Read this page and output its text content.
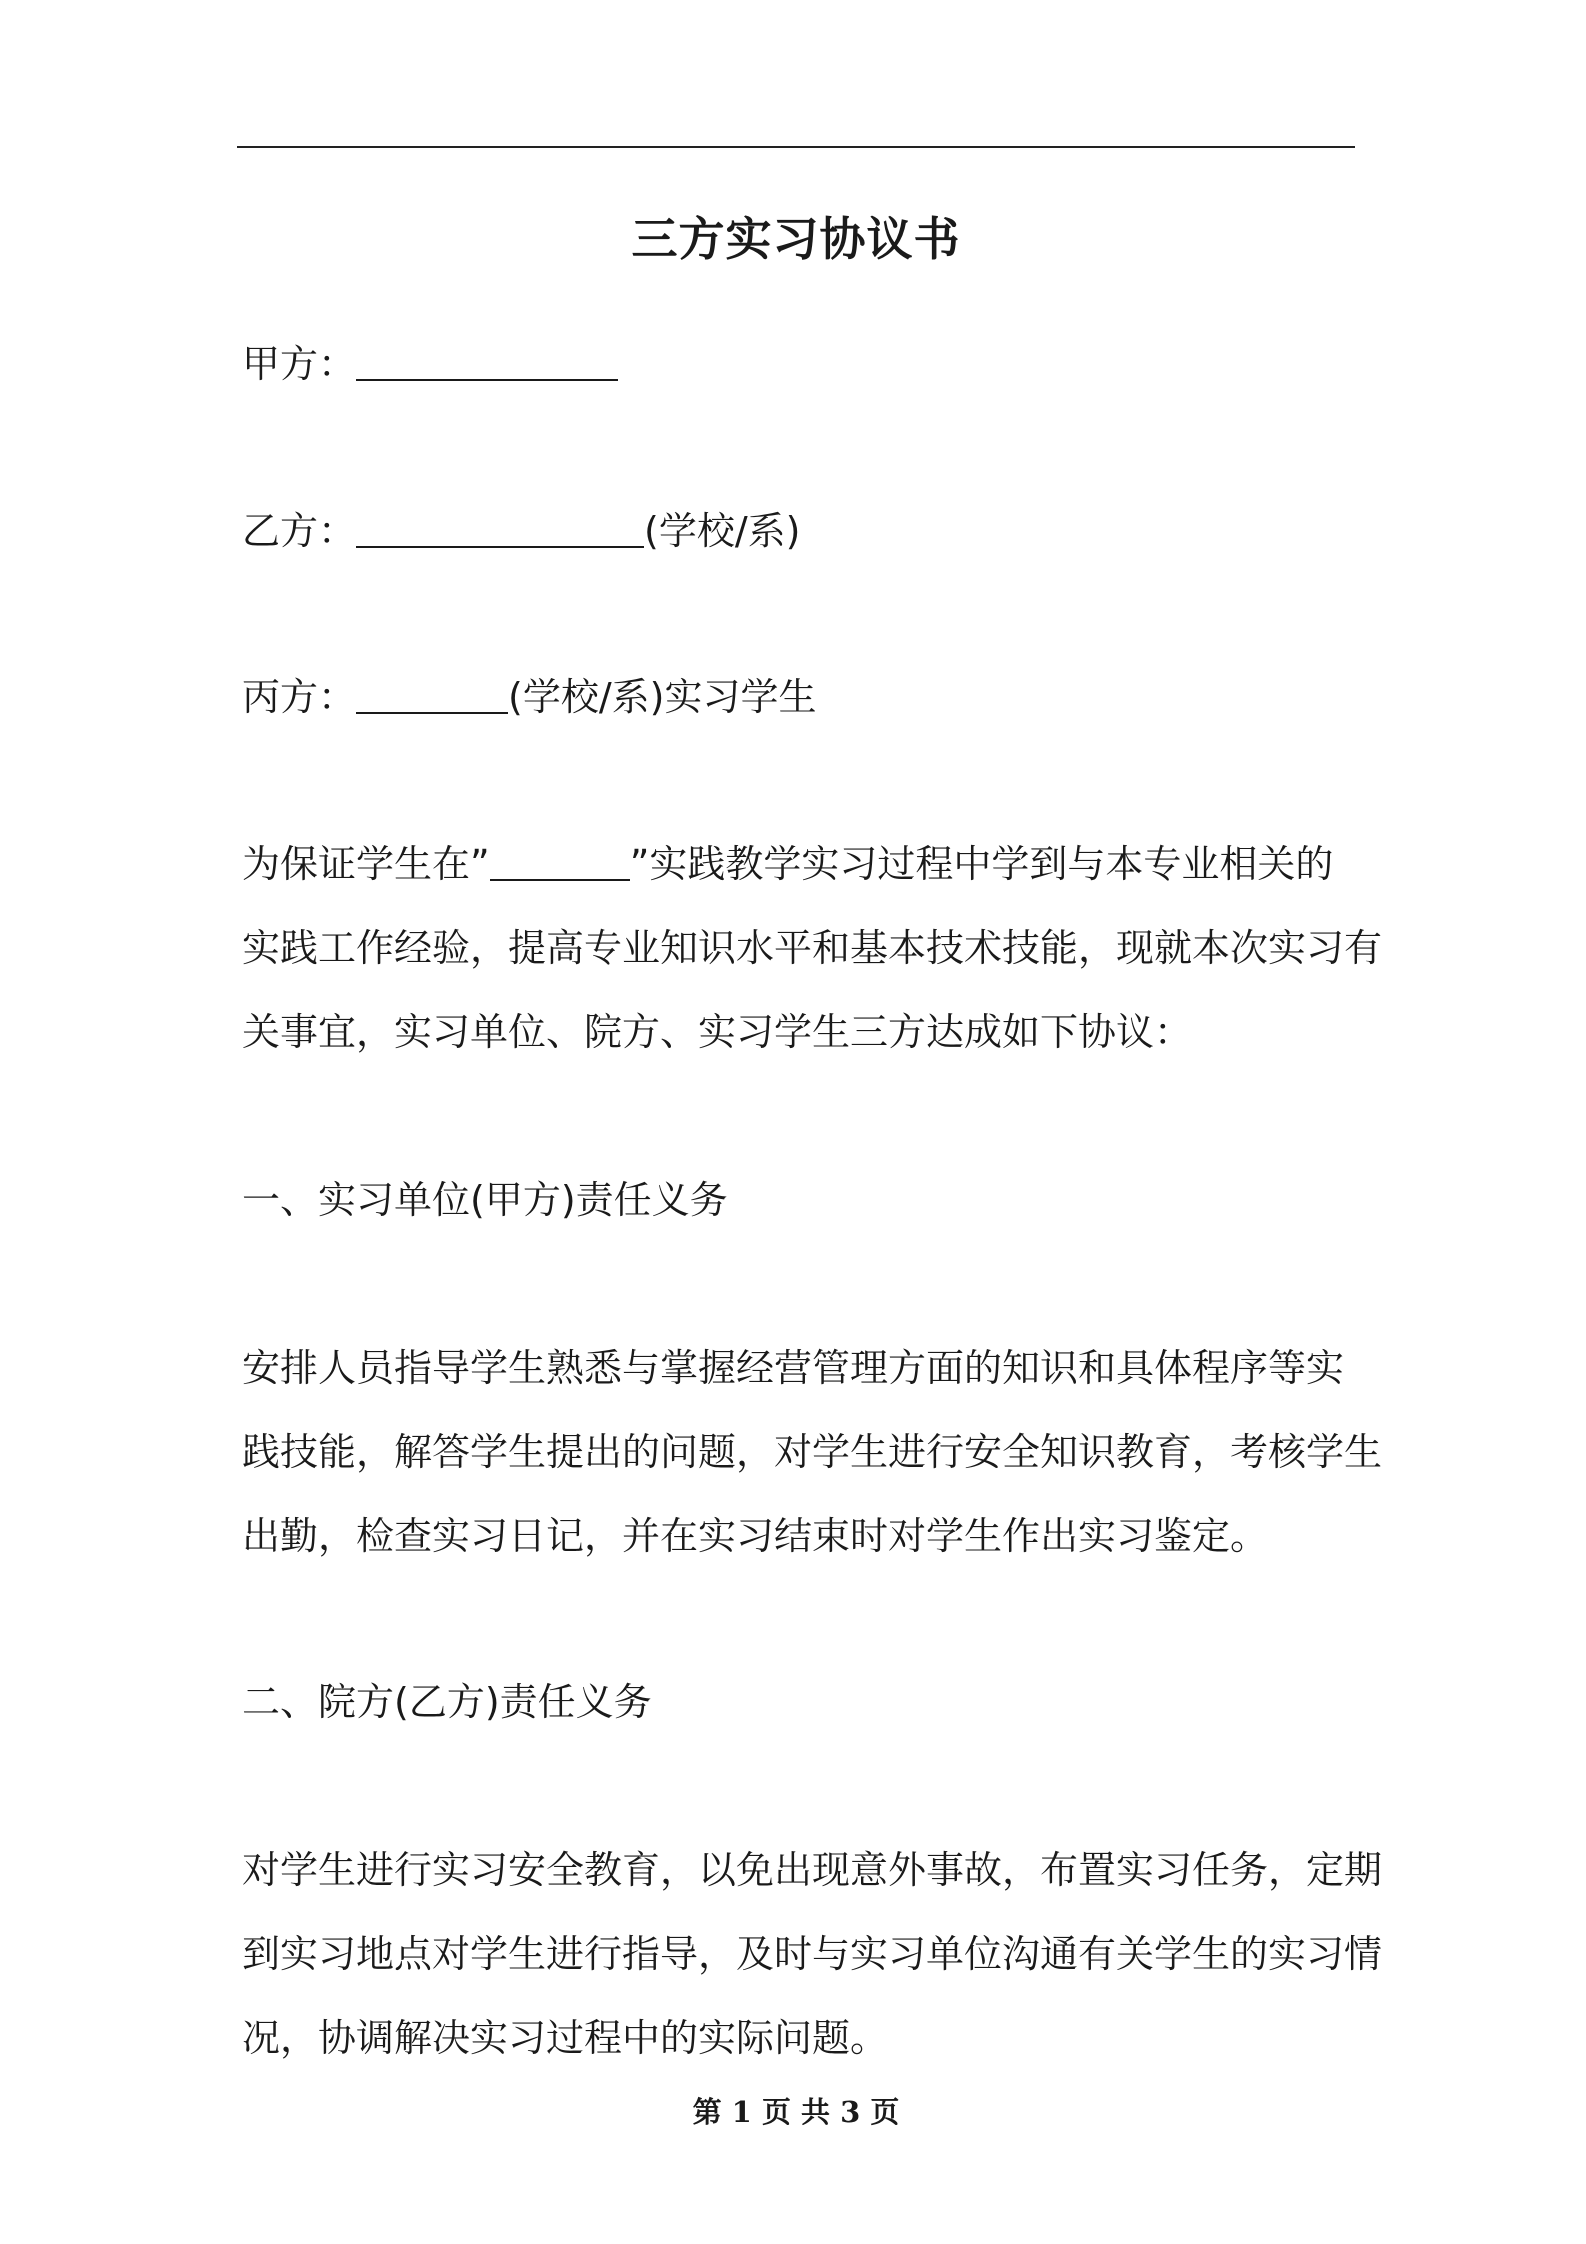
三方实习协议书

甲方：

乙方：	(学校/系)

丙方：	(学校/系)实习学生

为保证学生在”	”实践教学实习过程中学到与本专业相关的
实践工作经验，提高专业知识水平和基本技术技能，现就本次实习有
关事宜，实习单位、院方、实习学生三方达成如下协议：

一、实习单位(甲方)责任义务

安排人员指导学生熟悉与掌握经营管理方面的知识和具体程序等实
践技能，解答学生提出的问题，对学生进行安全知识教育，考核学生
出勤，检查实习日记，并在实习结束时对学生作出实习鉴定。

二、院方(乙方)责任义务

对学生进行实习安全教育，以免出现意外事故，布置实习任务，定期
到实习地点对学生进行指导，及时与实习单位沟通有关学生的实习情
况，协调解决实习过程中的实际问题。

第 1 页 共 3 页
